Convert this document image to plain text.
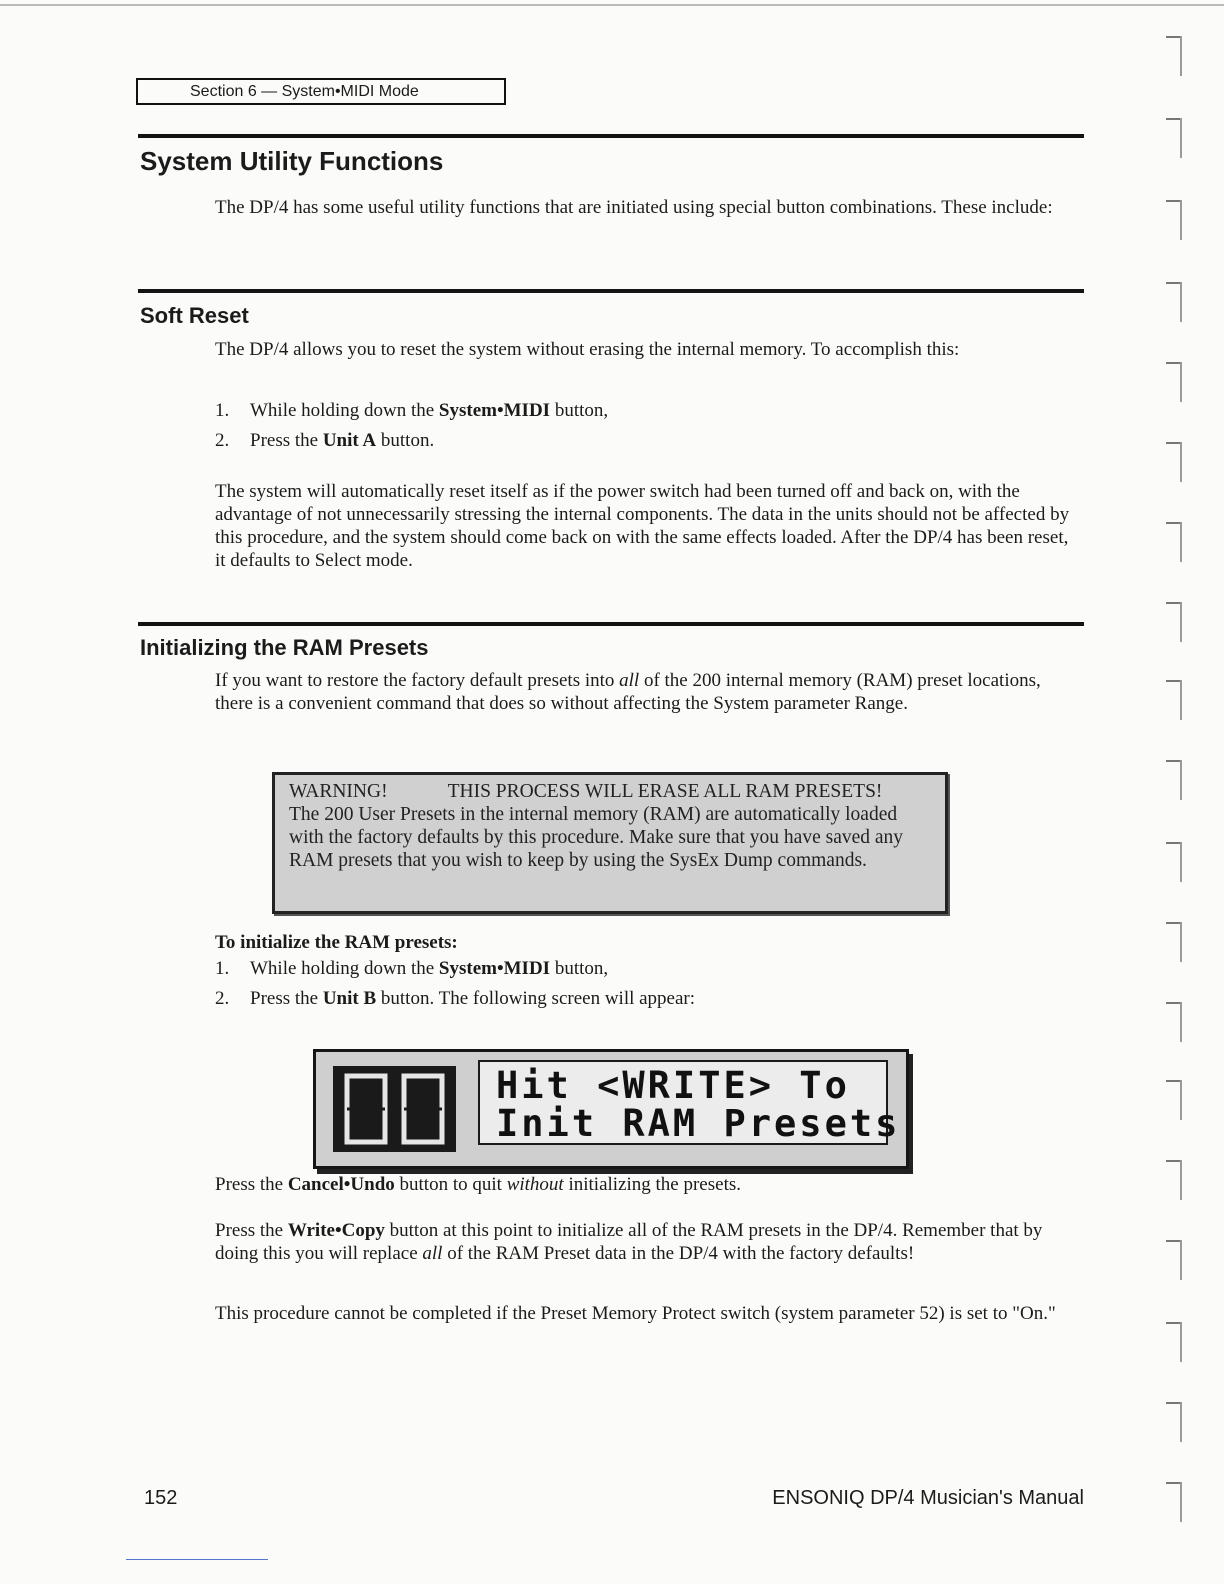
Section 6 — System•MIDI Mode
System Utility Functions

The DP/4 has some useful utility functions that are initiated using special button combinations. These include:

Soft Reset

The DP/4 allows you to reset the system without erasing the internal memory. To accomplish this:

1. While holding down the System•MIDI button,

2. Press the Unit A button.

The system will automatically reset itself as if the power switch had been turned off and back on, with the advantage of not unnecessarily stressing the internal components. The data in the units should not be affected by this procedure, and the system should come back on with the same effects loaded. After the DP/4 has been reset, it defaults to Select mode.

Initializing the RAM Presets

If you want to restore the factory default presets into all of the 200 internal memory (RAM) preset locations, there is a convenient command that does so without affecting the System parameter Range.

WARNING!	THIS PROCESS WILL ERASE ALL RAM PRESETS!

The 200 User Presets in the internal memory (RAM) are automatically loaded with the factory defaults by this procedure. Make sure that you have saved any RAM presets that you wish to keep by using the SysEx Dump commands.

To initialize the RAM presets:

1. While holding down the System•MIDI button,

2. Press the Unit B button. The following screen will appear:

Hit <WRITE> To
Init RAM Presets

Press the Cancel•Undo button to quit without initializing the presets.

Press the Write•Copy button at this point to initialize all of the RAM presets in the DP/4. Remember that by doing this you will replace all of the RAM Preset data in the DP/4 with the factory defaults!

This procedure cannot be completed if the Preset Memory Protect switch (system parameter 52) is set to "On."

152	ENSONIQ DP/4 Musician's Manual
